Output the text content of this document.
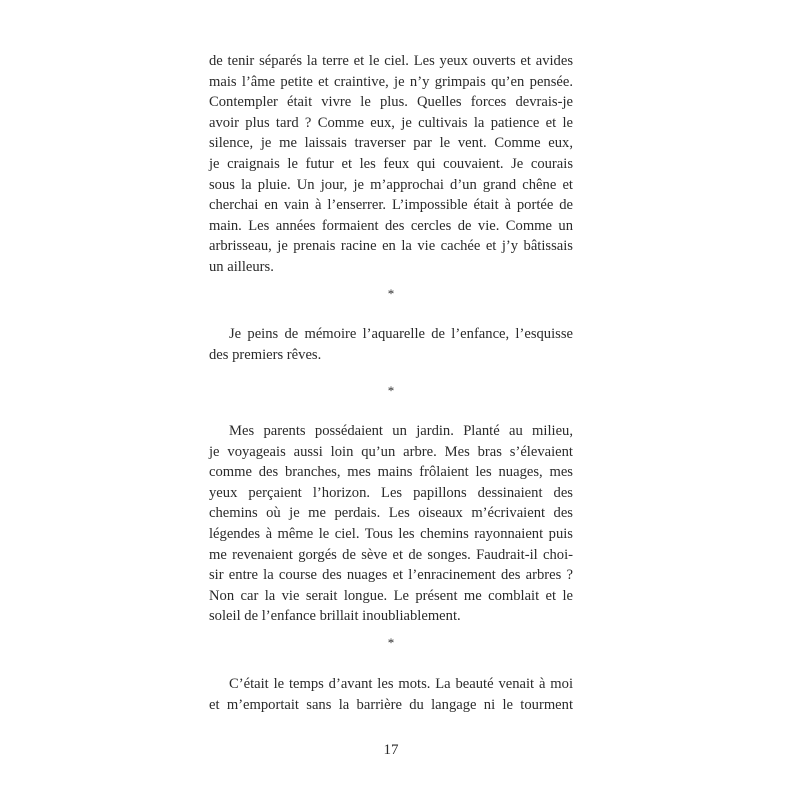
de tenir séparés la terre et le ciel. Les yeux ouverts et avides
mais l’âme petite et craintive, je n’y grimpais qu’en pensée.
Contempler était vivre le plus. Quelles forces devrais-je
avoir plus tard ? Comme eux, je cultivais la patience et le
silence, je me laissais traverser par le vent. Comme eux,
je craignais le futur et les feux qui couvaient. Je courais
sous la pluie. Un jour, je m’approchai d’un grand chêne et
cherchai en vain à l’enserrer. L’impossible était à portée de
main. Les années formaient des cercles de vie. Comme un
arbrisseau, je prenais racine en la vie cachée et j’y bâtissais
un ailleurs.

*

Je peins de mémoire l’aquarelle de l’enfance, l’esquisse
des premiers rêves.

*

Mes parents possédaient un jardin. Planté au milieu,
je voyageais aussi loin qu’un arbre. Mes bras s’élevaient
comme des branches, mes mains frôlaient les nuages, mes
yeux perçaient l’horizon. Les papillons dessinaient des
chemins où je me perdais. Les oiseaux m’écrivaient des
légendes à même le ciel. Tous les chemins rayonnaient puis
me revenaient gorgés de sève et de songes. Faudrait-il choi-
sir entre la course des nuages et l’enracinement des arbres ?
Non car la vie serait longue. Le présent me comblait et le
soleil de l’enfance brillait inoubliablement.

*

C’était le temps d’avant les mots. La beauté venait à moi
et m’emportait sans la barrière du langage ni le tourment

17
